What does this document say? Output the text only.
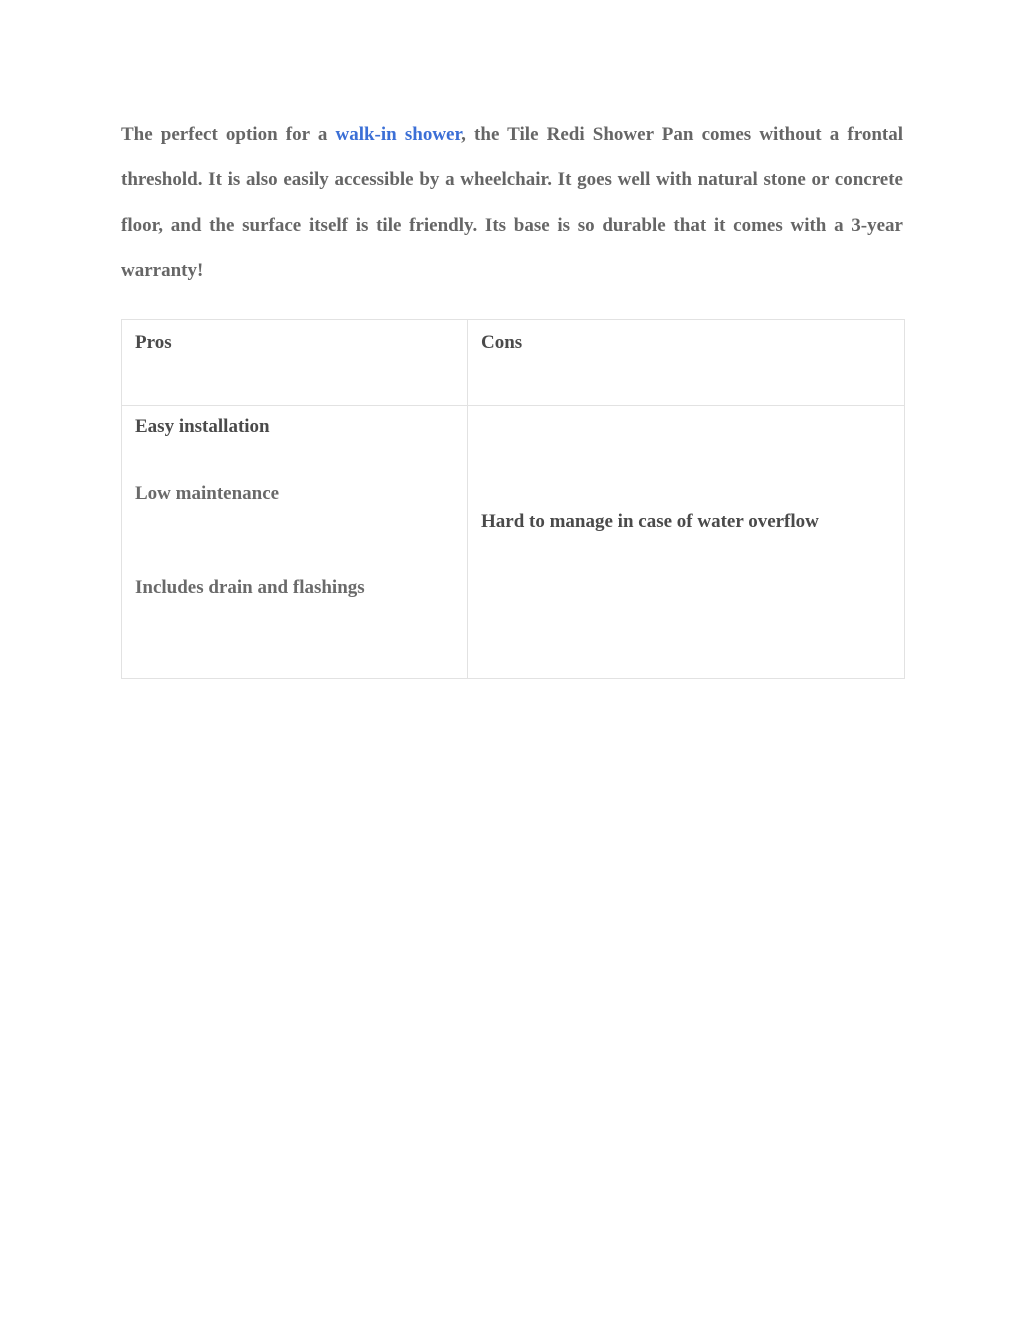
The perfect option for a walk-in shower, the Tile Redi Shower Pan comes without a frontal threshold. It is also easily accessible by a wheelchair. It goes well with natural stone or concrete floor, and the surface itself is tile friendly. Its base is so durable that it comes with a 3-year warranty!

Pros	Cons

Easy installation
Low maintenance
Includes drain and flashings	Hard to manage in case of water overflow
